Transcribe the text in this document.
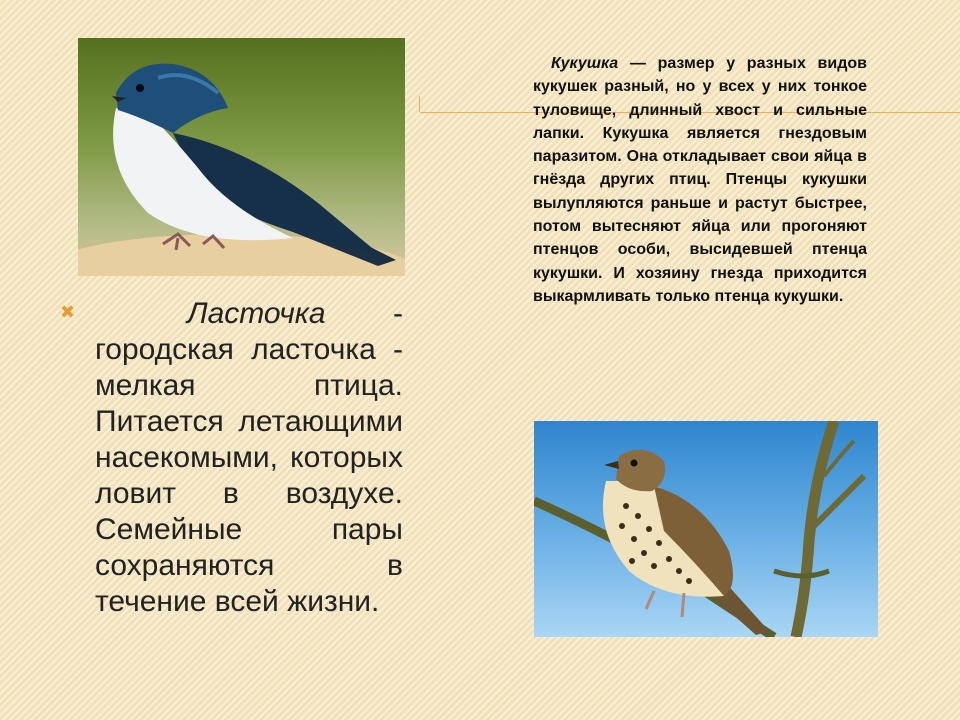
✖	Ласточка - городская ласточка - мелкая птица. Питается летающими насекомыми, которых ловит в воздухе. Семейные пары сохраняются в течение всей жизни.
Кукушка — размер у разных видов кукушек разный, но у всех у них тонкое туловище, длинный хвост и сильные лапки. Кукушка является гнездовым паразитом. Она откладывает свои яйца в гнёзда других птиц. Птенцы кукушки вылупляются раньше и растут быстрее, потом вытесняют яйца или прогоняют птенцов особи, высидевшей птенца кукушки. И хозяину гнезда приходится выкармливать только птенца кукушки.
